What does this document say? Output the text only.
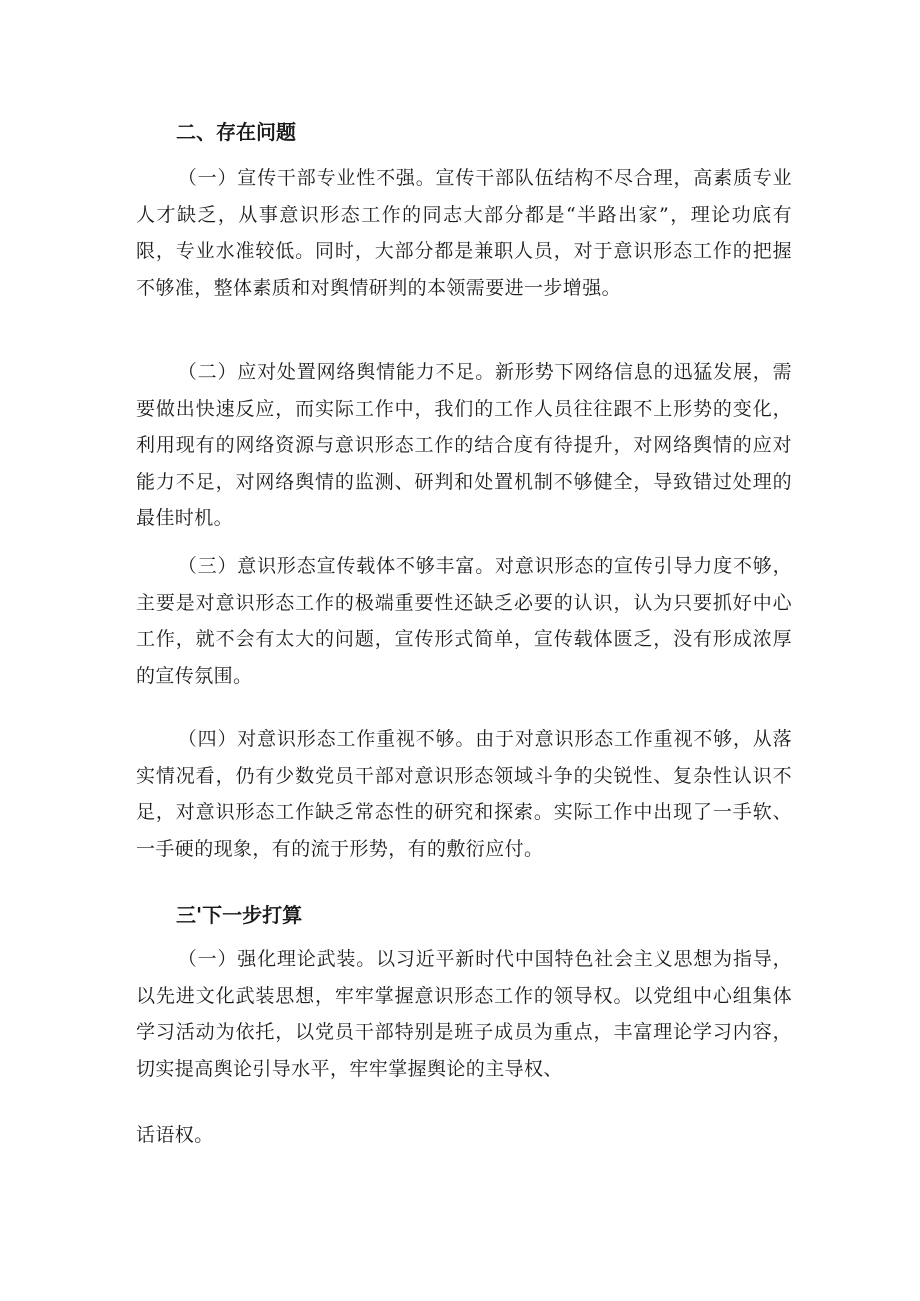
二、存在问题

（一）宣传干部专业性不强。宣传干部队伍结构不尽合理，高素质专业人才缺乏，从事意识形态工作的同志大部分都是“半路出家”，理论功底有限，专业水准较低。同时，大部分都是兼职人员，对于意识形态工作的把握不够准，整体素质和对舆情研判的本领需要进一步增强。

（二）应对处置网络舆情能力不足。新形势下网络信息的迅猛发展，需要做出快速反应，而实际工作中，我们的工作人员往往跟不上形势的变化，利用现有的网络资源与意识形态工作的结合度有待提升，对网络舆情的应对能力不足，对网络舆情的监测、研判和处置机制不够健全，导致错过处理的最佳时机。

（三）意识形态宣传载体不够丰富。对意识形态的宣传引导力度不够，主要是对意识形态工作的极端重要性还缺乏必要的认识，认为只要抓好中心工作，就不会有太大的问题，宣传形式简单，宣传载体匮乏，没有形成浓厚的宣传氛围。

（四）对意识形态工作重视不够。由于对意识形态工作重视不够，从落实情况看，仍有少数党员干部对意识形态领域斗争的尖锐性、复杂性认识不足，对意识形态工作缺乏常态性的研究和探索。实际工作中出现了一手软、一手硬的现象，有的流于形势，有的敷衍应付。

三'下一步打算

（一）强化理论武装。以习近平新时代中国特色社会主义思想为指导，以先进文化武装思想，牢牢掌握意识形态工作的领导权。以党组中心组集体学习活动为依托，以党员干部特别是班子成员为重点，丰富理论学习内容，切实提高舆论引导水平，牢牢掌握舆论的主导权、

话语权。
